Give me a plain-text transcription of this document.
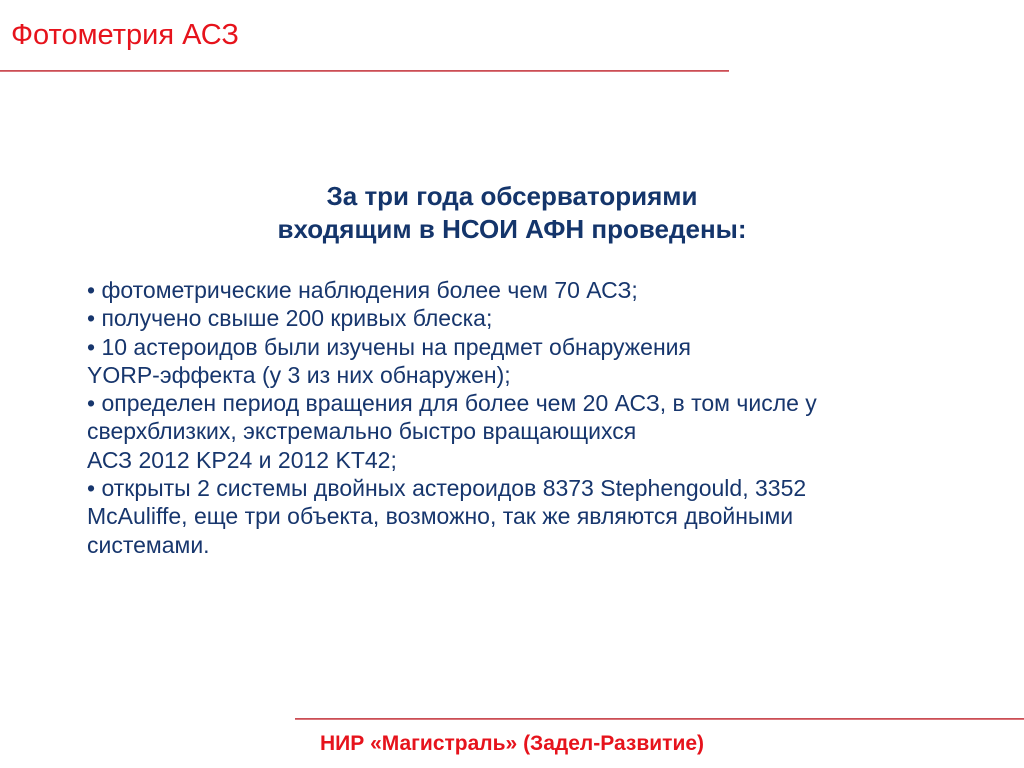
Фотометрия АСЗ
За три года обсерваториями
входящим в НСОИ АФН проведены:
• фотометрические наблюдения более чем 70 АСЗ;
• получено свыше 200 кривых блеска;
• 10 астероидов были изучены на предмет обнаружения
YORP-эффекта (у 3 из них обнаружен);
• определен период вращения для более чем 20 АСЗ, в том числе у
сверхблизких, экстремально быстро вращающихся
АСЗ 2012 KP24 и 2012 KT42;
• открыты 2 системы двойных астероидов 8373 Stephengould, 3352
McAuliffe, еще три объекта, возможно, так же являются двойными
системами.
НИР «Магистраль» (Задел-Развитие)
